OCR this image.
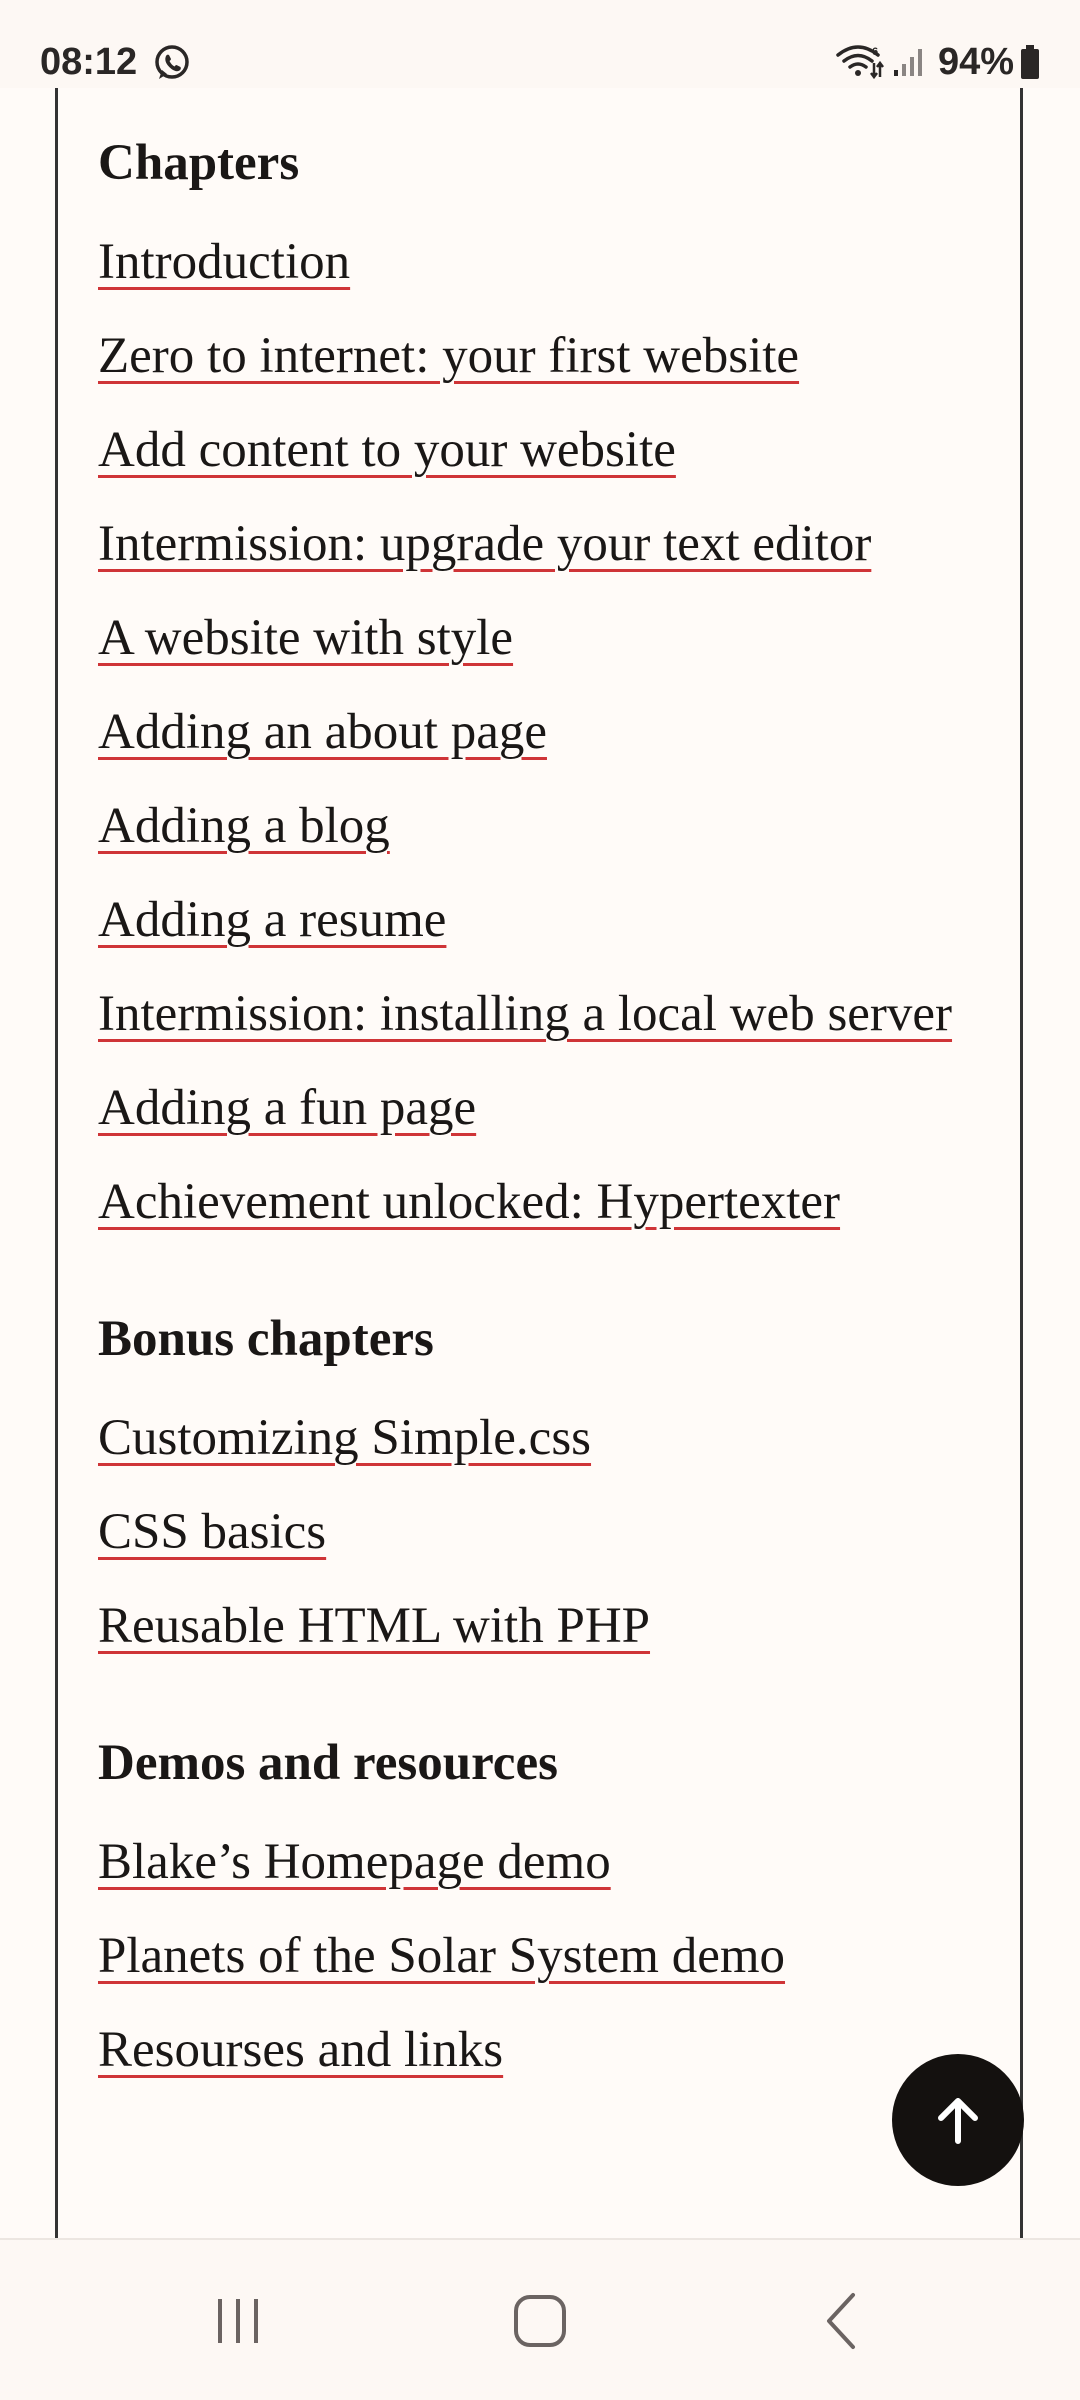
08:12	6 94%
Chapters
Introduction
Zero to internet: your first website
Add content to your website
Intermission: upgrade your text editor
A website with style
Adding an about page
Adding a blog
Adding a resume
Intermission: installing a local web server
Adding a fun page
Achievement unlocked: Hypertexter
Bonus chapters
Customizing Simple.css
CSS basics
Reusable HTML with PHP
Demos and resources
Blake’s Homepage demo
Planets of the Solar System demo
Resourses and links
